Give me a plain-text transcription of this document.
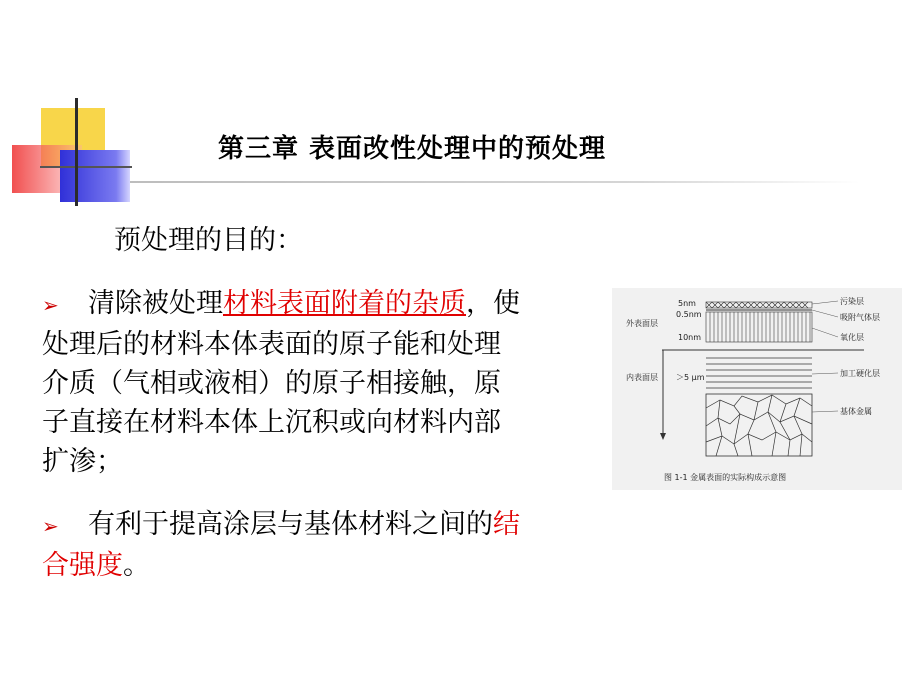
第三章 表面改性处理中的预处理
预处理的目的：
➢ 清除被处理材料表面附着的杂质，使
处理后的材料本体表面的原子能和处理
介质（气相或液相）的原子相接触，原
子直接在材料本体上沉积或向材料内部
扩渗；
➢ 有利于提高涂层与基体材料之间的结
合强度。
5nm
0.5nm
外表面层
10nm
内表面层 ＞5 μm
污染层
吸附气体层
氧化层
加工硬化层
基体金属
图 1-1 金属表面的实际构成示意图
